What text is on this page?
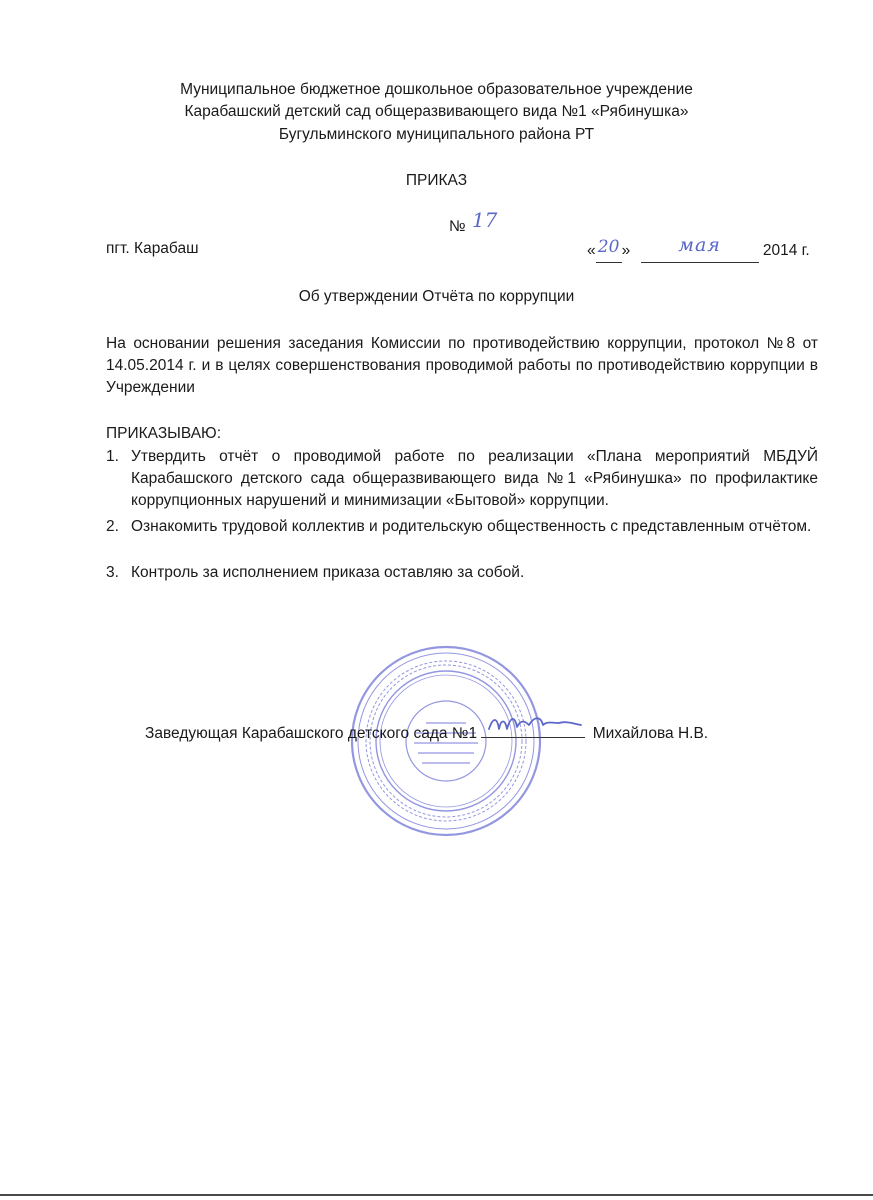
Муниципальное бюджетное дошкольное образовательное учреждение
Карабашский детский сад общеразвивающего вида №1 «Рябинушка»
Бугульминского муниципального района РТ
ПРИКАЗ
№ 17
пгт. Карабаш	« 20 »	мая	2014 г.
Об утверждении Отчёта по коррупции
На основании решения заседания Комиссии по противодействию коррупции, протокол №8 от 14.05.2014 г. и в целях совершенствования проводимой работы по противодействию коррупции в Учреждении
ПРИКАЗЫВАЮ:
1. Утвердить отчёт о проводимой работе по реализации «Плана мероприятий МБДУЙ Карабашского детского сада общеразвивающего вида №1 «Рябинушка» по профилактике коррупционных нарушений и минимизации «Бытовой» коррупции.
2. Ознакомить трудовой коллектив и родительскую общественность с представленным отчётом.
3. Контроль за исполнением приказа оставляю за собой.
Заведующая Карабашского детского сада №1	Михайлова Н.В.
